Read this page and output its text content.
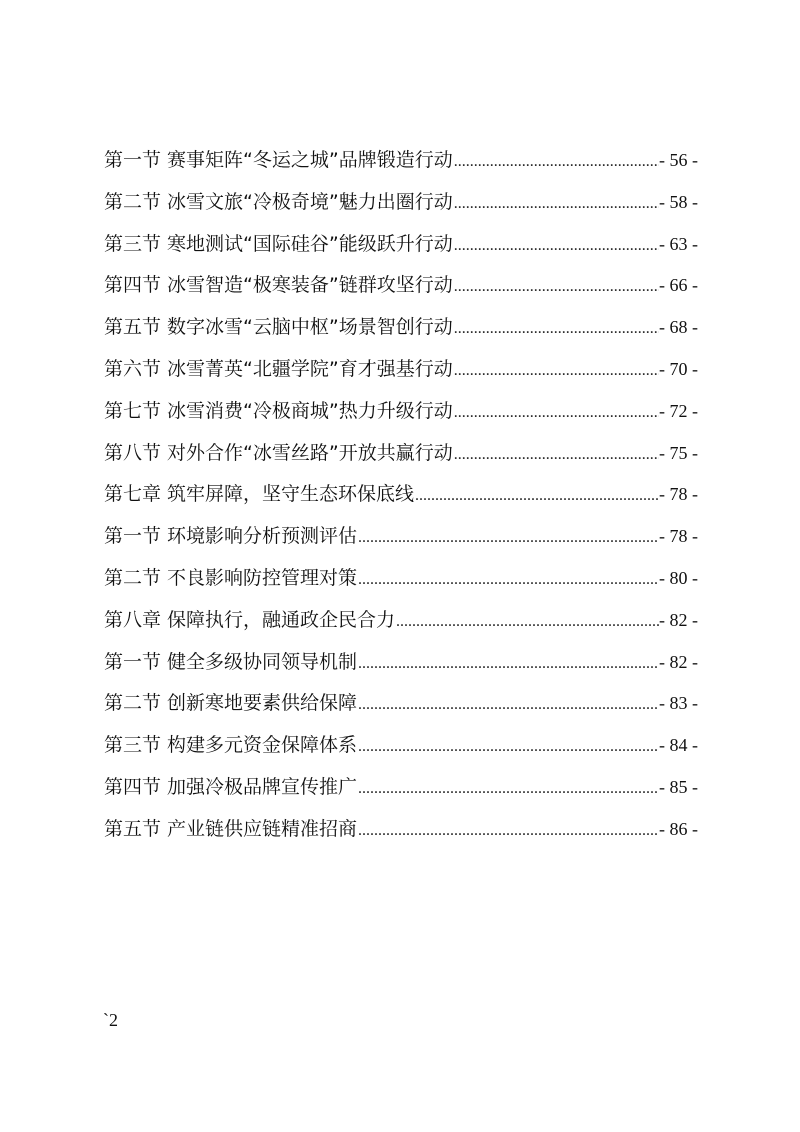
第一节 赛事矩阵“冬运之城”品牌锻造行动 .....	- 56 -
第二节 冰雪文旅“冷极奇境”魅力出圈行动 .....	- 58 -
第三节 寒地测试“国际硅谷”能级跃升行动 .....	- 63 -
第四节 冰雪智造“极寒装备”链群攻坚行动 .....	- 66 -
第五节 数字冰雪“云脑中枢”场景智创行动 .....	- 68 -
第六节 冰雪菁英“北疆学院”育才强基行动 .....	- 70 -
第七节 冰雪消费“冷极商城”热力升级行动 .....	- 72 -
第八节 对外合作“冰雪丝路”开放共赢行动 .....	- 75 -
第七章 筑牢屏障，坚守生态环保底线 .....	- 78 -
第一节 环境影响分析预测评估 .....	- 78 -
第二节 不良影响防控管理对策 .....	- 80 -
第八章 保障执行，融通政企民合力 .....	- 82 -
第一节 健全多级协同领导机制 .....	- 82 -
第二节 创新寒地要素供给保障 .....	- 83 -
第三节 构建多元资金保障体系 .....	- 84 -
第四节 加强冷极品牌宣传推广 .....	- 85 -
第五节 产业链供应链精准招商 .....	- 86 -
`2
